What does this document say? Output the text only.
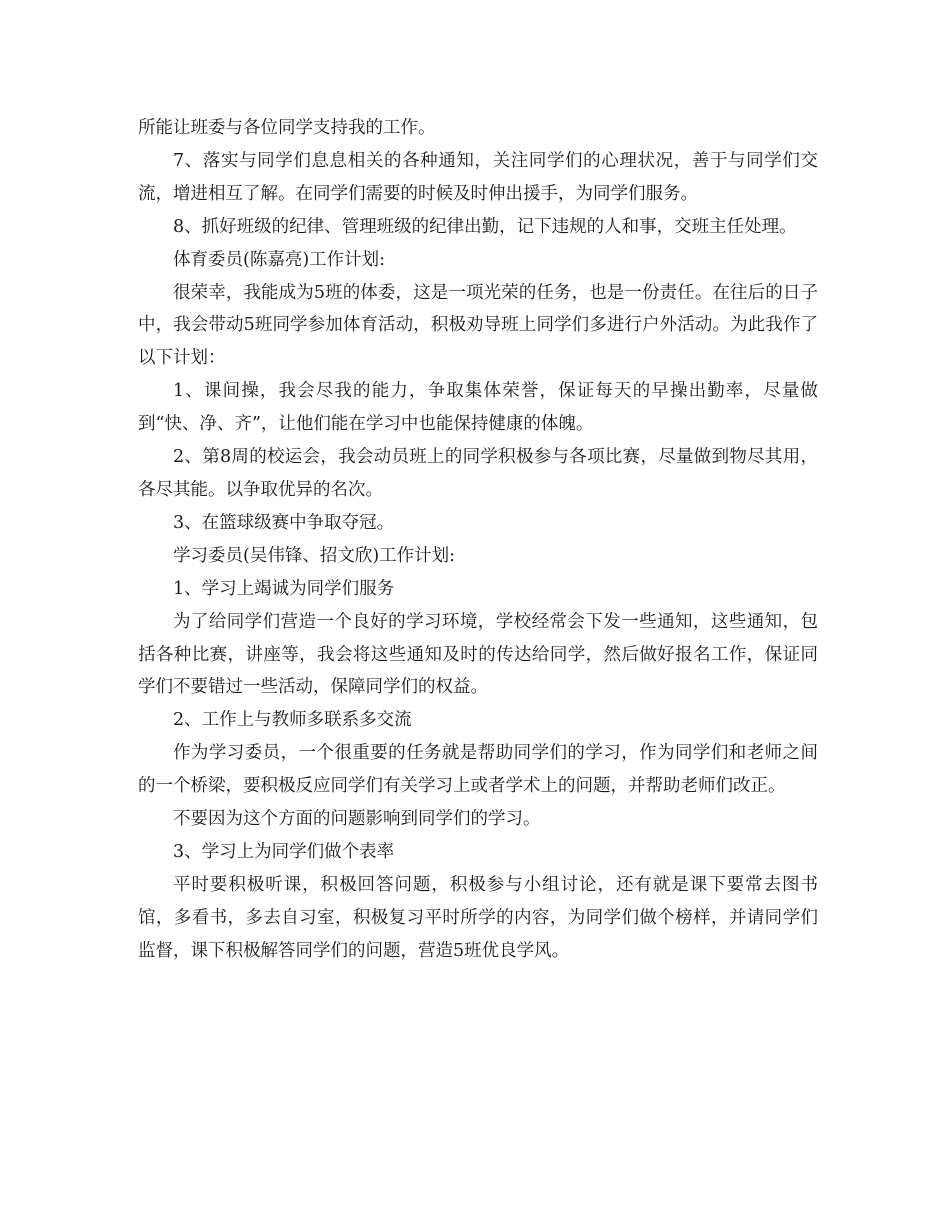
所能让班委与各位同学支持我的工作。

7、落实与同学们息息相关的各种通知，关注同学们的心理状况，善于与同学们交流，增进相互了解。在同学们需要的时候及时伸出援手，为同学们服务。

8、抓好班级的纪律、管理班级的纪律出勤，记下违规的人和事，交班主任处理。

体育委员(陈嘉亮)工作计划:

很荣幸，我能成为5班的体委，这是一项光荣的任务，也是一份责任。在往后的日子中，我会带动5班同学参加体育活动，积极劝导班上同学们多进行户外活动。为此我作了以下计划：

1、课间操，我会尽我的能力，争取集体荣誉，保证每天的早操出勤率，尽量做到“快、净、齐”，让他们能在学习中也能保持健康的体魄。

2、第8周的校运会，我会动员班上的同学积极参与各项比赛，尽量做到物尽其用，各尽其能。以争取优异的名次。

3、在篮球级赛中争取夺冠。

学习委员(吴伟锋、招文欣)工作计划:

1、学习上竭诚为同学们服务

为了给同学们营造一个良好的学习环境，学校经常会下发一些通知，这些通知，包括各种比赛，讲座等，我会将这些通知及时的传达给同学，然后做好报名工作，保证同学们不要错过一些活动，保障同学们的权益。

2、工作上与教师多联系多交流

作为学习委员，一个很重要的任务就是帮助同学们的学习，作为同学们和老师之间的一个桥梁，要积极反应同学们有关学习上或者学术上的问题，并帮助老师们改正。

不要因为这个方面的问题影响到同学们的学习。

3、学习上为同学们做个表率

平时要积极听课，积极回答问题，积极参与小组讨论，还有就是课下要常去图书馆，多看书，多去自习室，积极复习平时所学的内容，为同学们做个榜样，并请同学们监督，课下积极解答同学们的问题，营造5班优良学风。
